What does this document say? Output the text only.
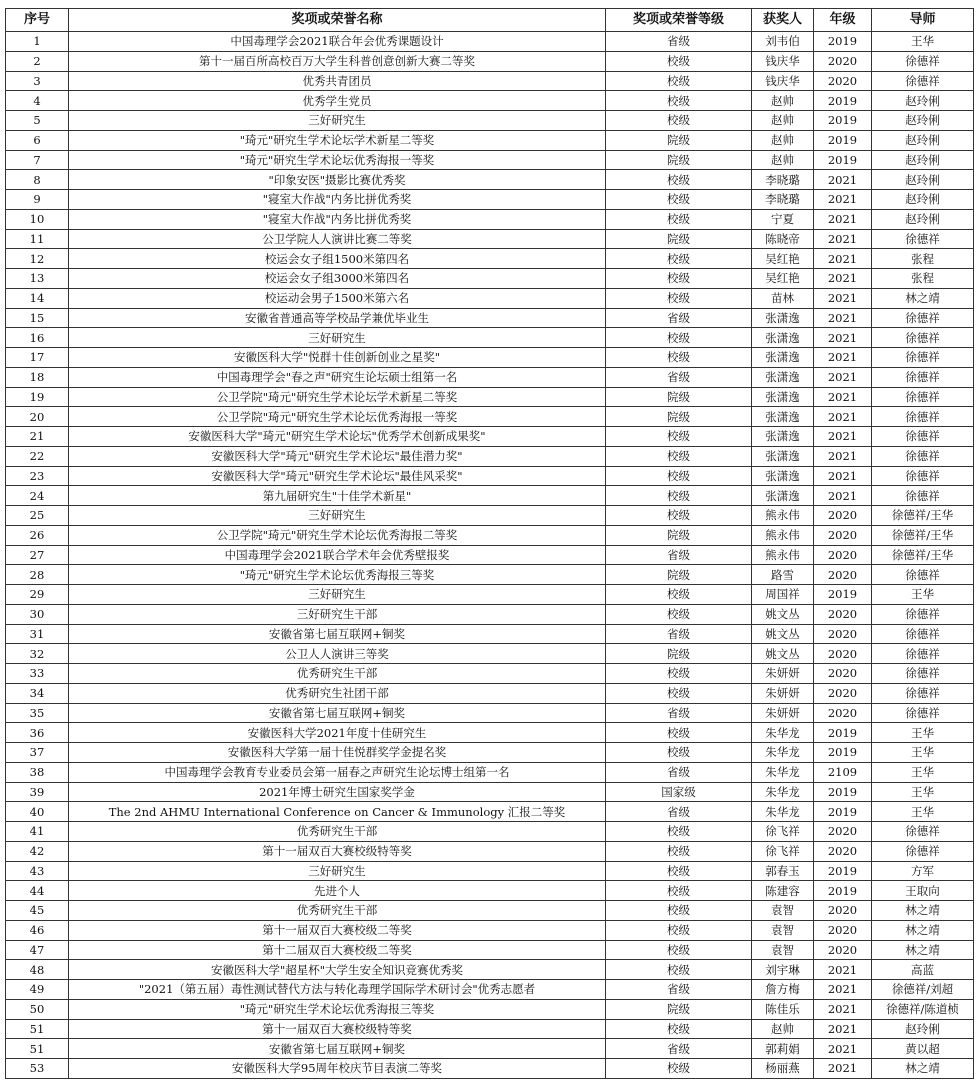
序号	奖项或荣誉名称	奖项或荣誉等级	获奖人	年级	导师
1	中国毒理学会2021联合年会优秀课题设计	省级	刘韦伯	2019	王华
2	第十一届百所高校百万大学生科普创意创新大赛二等奖	校级	钱庆华	2020	徐德祥
3	优秀共青团员	校级	钱庆华	2020	徐德祥
4	优秀学生党员	校级	赵帅	2019	赵玲俐
5	三好研究生	校级	赵帅	2019	赵玲俐
6	"琦元"研究生学术论坛学术新星二等奖	院级	赵帅	2019	赵玲俐
7	"琦元"研究生学术论坛优秀海报一等奖	院级	赵帅	2019	赵玲俐
8	"印象安医"摄影比赛优秀奖	校级	李晓璐	2021	赵玲俐
9	"寝室大作战"内务比拼优秀奖	校级	李晓璐	2021	赵玲俐
10	"寝室大作战"内务比拼优秀奖	校级	宁夏	2021	赵玲俐
11	公卫学院人人演讲比赛二等奖	院级	陈晓帝	2021	徐德祥
12	校运会女子组1500米第四名	校级	吴红艳	2021	张程
13	校运会女子组3000米第四名	校级	吴红艳	2021	张程
14	校运动会男子1500米第六名	校级	苗林	2021	林之靖
15	安徽省普通高等学校品学兼优毕业生	省级	张潇逸	2021	徐德祥
16	三好研究生	校级	张潇逸	2021	徐德祥
17	安徽医科大学"悦群十佳创新创业之星奖"	校级	张潇逸	2021	徐德祥
18	中国毒理学会"春之声"研究生论坛硕士组第一名	省级	张潇逸	2021	徐德祥
19	公卫学院"琦元"研究生学术论坛学术新星二等奖	院级	张潇逸	2021	徐德祥
20	公卫学院"琦元"研究生学术论坛优秀海报一等奖	院级	张潇逸	2021	徐德祥
21	安徽医科大学"琦元"研究生学术论坛"优秀学术创新成果奖"	校级	张潇逸	2021	徐德祥
22	安徽医科大学"琦元"研究生学术论坛"最佳潜力奖"	校级	张潇逸	2021	徐德祥
23	安徽医科大学"琦元"研究生学术论坛"最佳风采奖"	校级	张潇逸	2021	徐德祥
24	第九届研究生"十佳学术新星"	校级	张潇逸	2021	徐德祥
25	三好研究生	校级	熊永伟	2020	徐德祥/王华
26	公卫学院"琦元"研究生学术论坛优秀海报二等奖	院级	熊永伟	2020	徐德祥/王华
27	中国毒理学会2021联合学术年会优秀壁报奖	省级	熊永伟	2020	徐德祥/王华
28	"琦元"研究生学术论坛优秀海报三等奖	院级	路雪	2020	徐德祥
29	三好研究生	校级	周国祥	2019	王华
30	三好研究生干部	校级	姚文丛	2020	徐德祥
31	安徽省第七届互联网+铜奖	省级	姚文丛	2020	徐德祥
32	公卫人人演讲三等奖	院级	姚文丛	2020	徐德祥
33	优秀研究生干部	校级	朱妍妍	2020	徐德祥
34	优秀研究生社团干部	校级	朱妍妍	2020	徐德祥
35	安徽省第七届互联网+铜奖	省级	朱妍妍	2020	徐德祥
36	安徽医科大学2021年度十佳研究生	校级	朱华龙	2019	王华
37	安徽医科大学第一届十佳悦群奖学金提名奖	校级	朱华龙	2019	王华
38	中国毒理学会教育专业委员会第一届春之声研究生论坛博士组第一名	省级	朱华龙	2109	王华
39	2021年博士研究生国家奖学金	国家级	朱华龙	2019	王华
40	The 2nd AHMU International Conference on Cancer & Immunology 汇报二等奖	省级	朱华龙	2019	王华
41	优秀研究生干部	校级	徐飞祥	2020	徐德祥
42	第十一届双百大赛校级特等奖	校级	徐飞祥	2020	徐德祥
43	三好研究生	校级	郭春玉	2019	方军
44	先进个人	校级	陈建容	2019	王取向
45	优秀研究生干部	校级	袁智	2020	林之靖
46	第十一届双百大赛校级二等奖	校级	袁智	2020	林之靖
47	第十二届双百大赛校级二等奖	校级	袁智	2020	林之靖
48	安徽医科大学"超星杯"大学生安全知识竞赛优秀奖	校级	刘宇琳	2021	高蓝
49	"2021（第五届）毒性测试替代方法与转化毒理学国际学术研讨会"优秀志愿者	省级	詹方梅	2021	徐德祥/刘超
50	"琦元"研究生学术论坛优秀海报三等奖	院级	陈佳乐	2021	徐德祥/陈道桢
51	第十一届双百大赛校级特等奖	校级	赵帅	2021	赵玲俐
51	安徽省第七届互联网+铜奖	省级	郭莉娟	2021	黄以超
53	安徽医科大学95周年校庆节目表演二等奖	校级	杨丽燕	2021	林之靖
